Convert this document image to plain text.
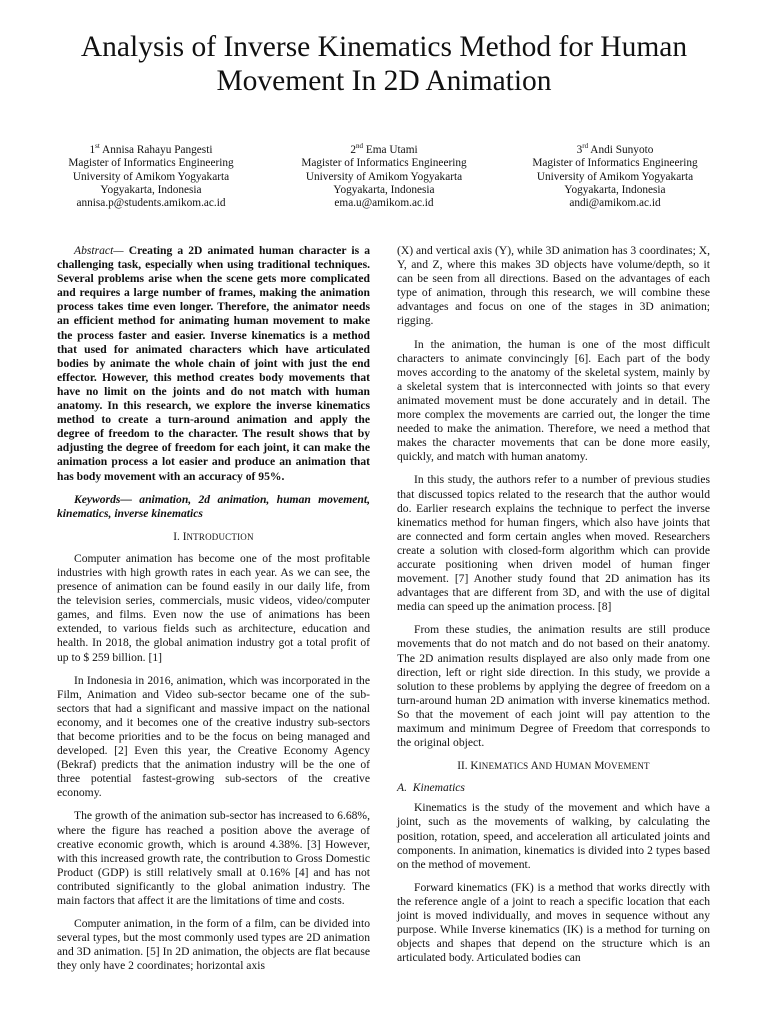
Analysis of Inverse Kinematics Method for Human
Movement In 2D Animation
1st Annisa Rahayu Pangesti
Magister of Informatics Engineering
University of Amikom Yogyakarta
Yogyakarta, Indonesia
annisa.p@students.amikom.ac.id
2nd Ema Utami
Magister of Informatics Engineering
University of Amikom Yogyakarta
Yogyakarta, Indonesia
ema.u@amikom.ac.id
3rd Andi Sunyoto
Magister of Informatics Engineering
University of Amikom Yogyakarta
Yogyakarta, Indonesia
andi@amikom.ac.id

Abstract— Creating a 2D animated human character is a challenging task, especially when using traditional techniques. Several problems arise when the scene gets more complicated and requires a large number of frames, making the animation process takes time even longer. Therefore, the animator needs an efficient method for animating human movement to make the process faster and easier. Inverse kinematics is a method that used for animated characters which have articulated bodies by animate the whole chain of joint with just the end effector. However, this method creates body movements that have no limit on the joints and do not match with human anatomy. In this research, we explore the inverse kinematics method to create a turn-around animation and apply the degree of freedom to the character. The result shows that by adjusting the degree of freedom for each joint, it can make the animation process a lot easier and produce an animation that has body movement with an accuracy of 95%.

Keywords— animation, 2d animation, human movement, kinematics, inverse kinematics

I. INTRODUCTION

Computer animation has become one of the most profitable industries with high growth rates in each year. As we can see, the presence of animation can be found easily in our daily life, from the television series, commercials, music videos, video/computer games, and films. Even now the use of animations has been extended, to various fields such as architecture, education and health. In 2018, the global animation industry got a total profit of up to $ 259 billion. [1]

In Indonesia in 2016, animation, which was incorporated in the Film, Animation and Video sub-sector became one of the sub-sectors that had a significant and massive impact on the national economy, and it becomes one of the creative industry sub-sectors that become priorities and to be the focus on being managed and developed. [2] Even this year, the Creative Economy Agency (Bekraf) predicts that the animation industry will be the one of three potential fastest-growing sub-sectors of the creative economy.

The growth of the animation sub-sector has increased to 6.68%, where the figure has reached a position above the average of creative economic growth, which is around 4.38%. [3] However, with this increased growth rate, the contribution to Gross Domestic Product (GDP) is still relatively small at 0.16% [4] and has not contributed significantly to the global animation industry. The main factors that affect it are the limitations of time and costs.

Computer animation, in the form of a film, can be divided into several types, but the most commonly used types are 2D animation and 3D animation. [5] In 2D animation, the objects are flat because they only have 2 coordinates; horizontal axis

(X) and vertical axis (Y), while 3D animation has 3 coordinates; X, Y, and Z, where this makes 3D objects have volume/depth, so it can be seen from all directions. Based on the advantages of each type of animation, through this research, we will combine these advantages and focus on one of the stages in 3D animation; rigging.

In the animation, the human is one of the most difficult characters to animate convincingly [6]. Each part of the body moves according to the anatomy of the skeletal system, mainly by a skeletal system that is interconnected with joints so that every animated movement must be done accurately and in detail. The more complex the movements are carried out, the longer the time needed to make the animation. Therefore, we need a method that makes the character movements that can be done more easily, quickly, and match with human anatomy.

In this study, the authors refer to a number of previous studies that discussed topics related to the research that the author would do. Earlier research explains the technique to perfect the inverse kinematics method for human fingers, which also have joints that are connected and form certain angles when moved. Researchers create a solution with closed-form algorithm which can provide accurate positioning when driven model of human finger movement. [7] Another study found that 2D animation has its advantages that are different from 3D, and with the use of digital media can speed up the animation process. [8]

From these studies, the animation results are still produce movements that do not match and do not based on their anatomy. The 2D animation results displayed are also only made from one direction, left or right side direction. In this study, we provide a solution to these problems by applying the degree of freedom on a turn-around human 2D animation with inverse kinematics method. So that the movement of each joint will pay attention to the maximum and minimum Degree of Freedom that corresponds to the original object.

II. KINEMATICS AND HUMAN MOVEMENT
A. Kinematics

Kinematics is the study of the movement and which have a joint, such as the movements of walking, by calculating the position, rotation, speed, and acceleration all articulated joints and components. In animation, kinematics is divided into 2 types based on the method of movement.

Forward kinematics (FK) is a method that works directly with the reference angle of a joint to reach a specific location that each joint is moved individually, and moves in sequence without any purpose. While Inverse kinematics (IK) is a method for turning on objects and shapes that depend on the structure which is an articulated body. Articulated bodies can
